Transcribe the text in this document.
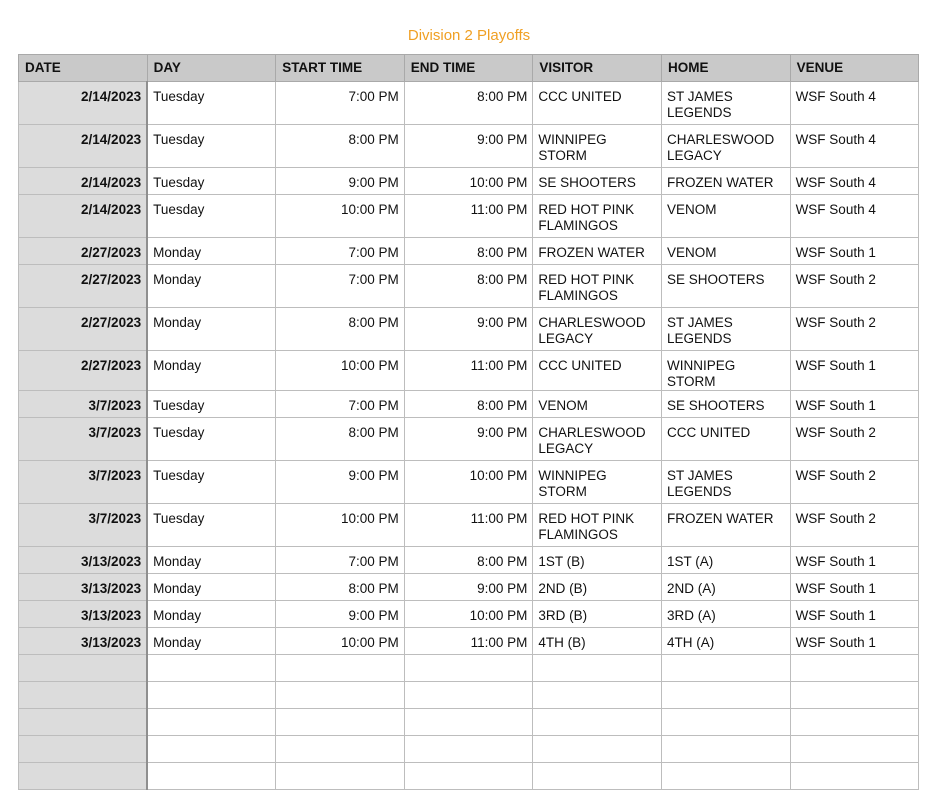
Division 2 Playoffs
DATE	DAY	START TIME	END TIME	VISITOR	HOME	VENUE
2/14/2023	Tuesday	7:00 PM	8:00 PM	CCC UNITED	ST JAMES LEGENDS	WSF South 4
2/14/2023	Tuesday	8:00 PM	9:00 PM	WINNIPEG STORM	CHARLESWOOD LEGACY	WSF South 4
2/14/2023	Tuesday	9:00 PM	10:00 PM	SE SHOOTERS	FROZEN WATER	WSF South 4
2/14/2023	Tuesday	10:00 PM	11:00 PM	RED HOT PINK FLAMINGOS	VENOM	WSF South 4
2/27/2023	Monday	7:00 PM	8:00 PM	FROZEN WATER	VENOM	WSF South 1
2/27/2023	Monday	7:00 PM	8:00 PM	RED HOT PINK FLAMINGOS	SE SHOOTERS	WSF South 2
2/27/2023	Monday	8:00 PM	9:00 PM	CHARLESWOOD LEGACY	ST JAMES LEGENDS	WSF South 2
2/27/2023	Monday	10:00 PM	11:00 PM	CCC UNITED	WINNIPEG STORM	WSF South 1
3/7/2023	Tuesday	7:00 PM	8:00 PM	VENOM	SE SHOOTERS	WSF South 1
3/7/2023	Tuesday	8:00 PM	9:00 PM	CHARLESWOOD LEGACY	CCC UNITED	WSF South 2
3/7/2023	Tuesday	9:00 PM	10:00 PM	WINNIPEG STORM	ST JAMES LEGENDS	WSF South 2
3/7/2023	Tuesday	10:00 PM	11:00 PM	RED HOT PINK FLAMINGOS	FROZEN WATER	WSF South 2
3/13/2023	Monday	7:00 PM	8:00 PM	1ST (B)	1ST (A)	WSF South 1
3/13/2023	Monday	8:00 PM	9:00 PM	2ND (B)	2ND (A)	WSF South 1
3/13/2023	Monday	9:00 PM	10:00 PM	3RD (B)	3RD (A)	WSF South 1
3/13/2023	Monday	10:00 PM	11:00 PM	4TH (B)	4TH (A)	WSF South 1
